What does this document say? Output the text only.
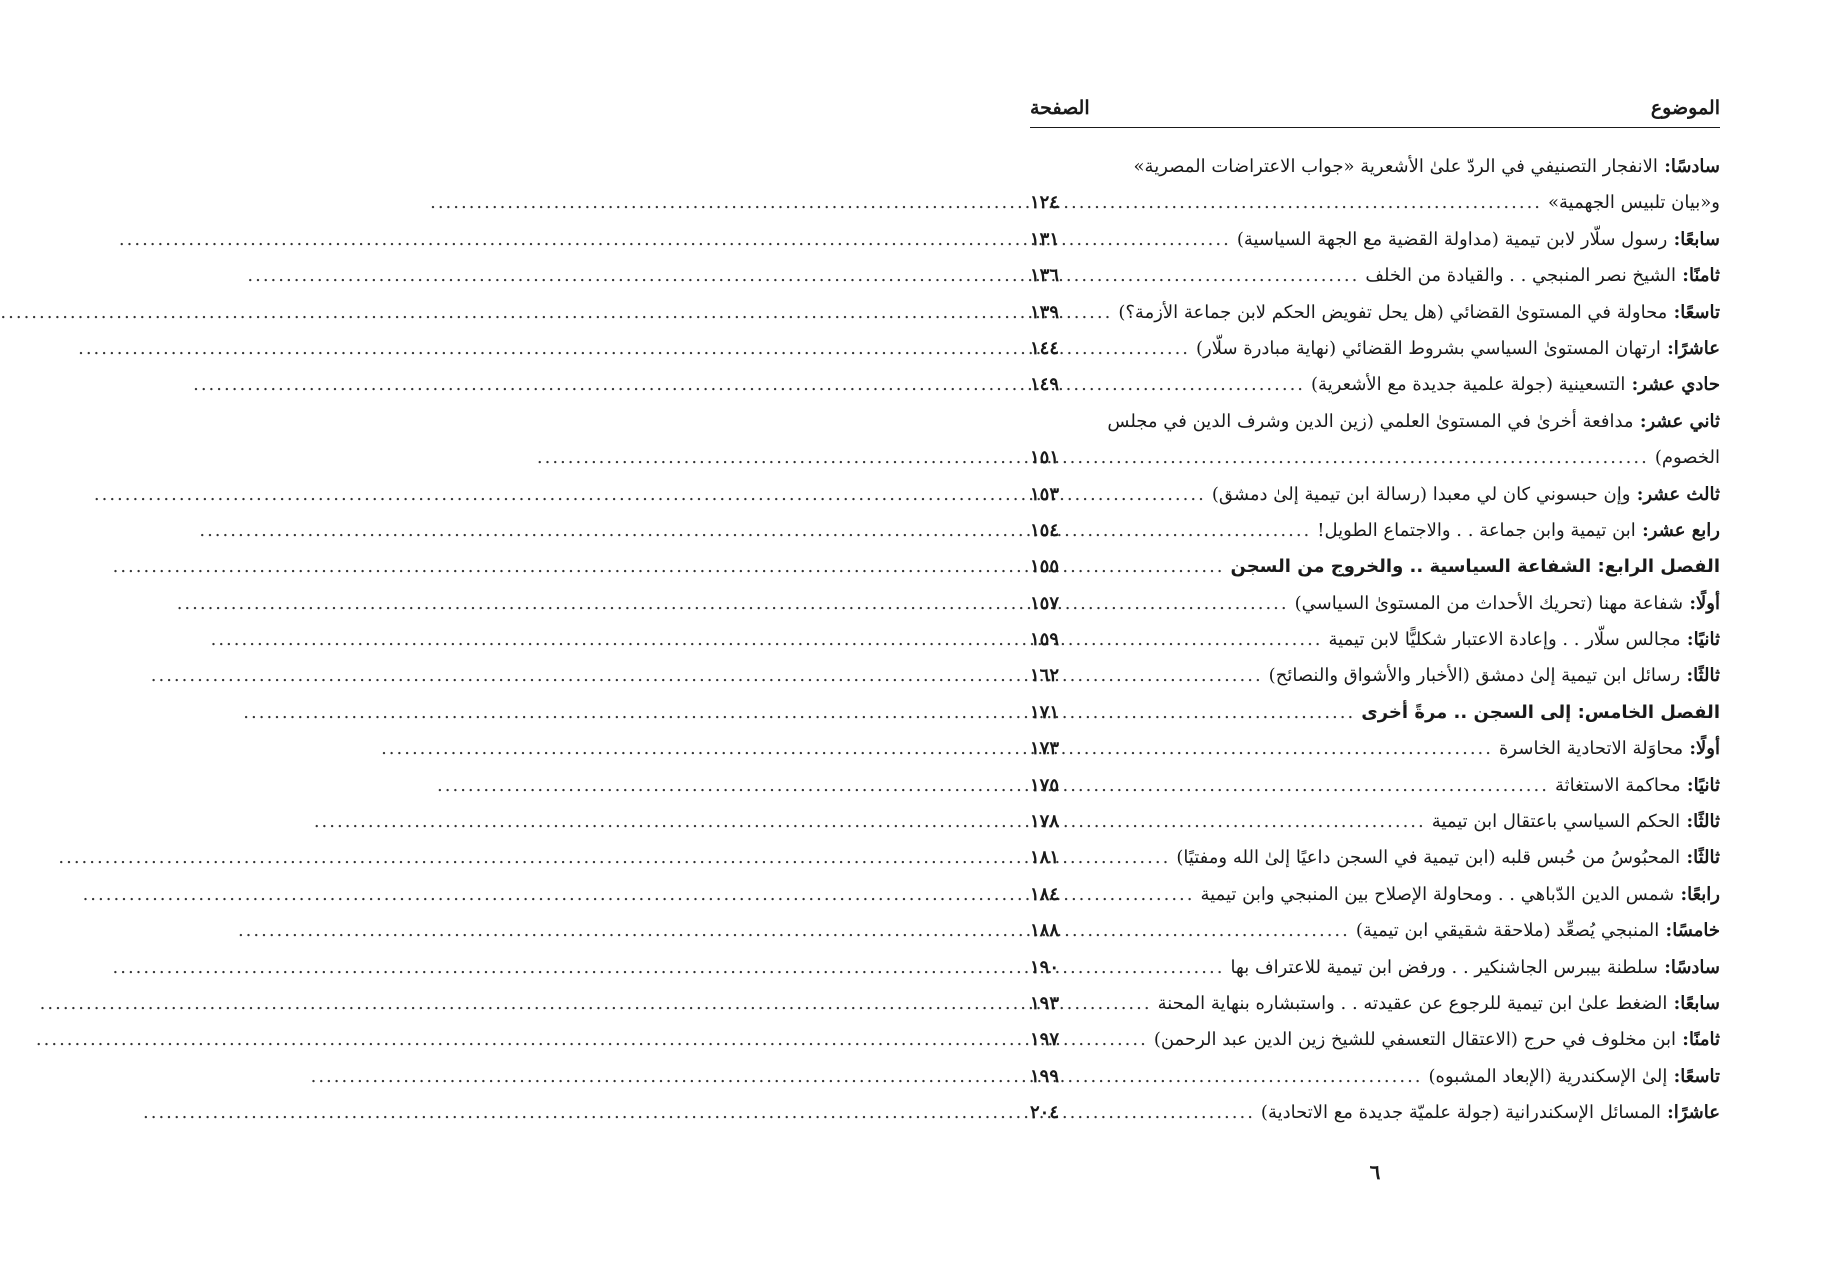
الموضوع
الصفحة
سادسًا: الانفجار التصنيفي في الردّ علىٰ الأشعرية «جواب الاعتراضات المصرية»
و«بيان تلبيس الجهمية»
.....
١٢٤
سابعًا: رسول سلّار لابن تيمية (مداولة القضية مع الجهة السياسية)
.....
١٣١
ثامنًا: الشيخ نصر المنبجي . . والقيادة من الخلف
.....
١٣٦
تاسعًا: محاولة في المستوىٰ القضائي (هل يحل تفويض الحكم لابن جماعة الأزمة؟)
.....
١٣٩
عاشرًا: ارتهان المستوىٰ السياسي بشروط القضائي (نهاية مبادرة سلّار)
.....
١٤٤
حادي عشر: التسعينية (جولة علمية جديدة مع الأشعرية)
.....
١٤٩
ثاني عشر: مدافعة أخرىٰ في المستوىٰ العلمي (زين الدين وشرف الدين في مجلس
الخصوم)
.....
١٥١
ثالث عشر: وإن حبسوني كان لي معبدا (رسالة ابن تيمية إلىٰ دمشق)
.....
١٥٣
رابع عشر: ابن تيمية وابن جماعة . . والاجتماع الطويل!
.....
١٥٤
الفصل الرابع: الشفاعة السياسية .. والخروج من السجن
.....
١٥٥
أولًا: شفاعة مهنا (تحريك الأحداث من المستوىٰ السياسي)
.....
١٥٧
ثانيًا: مجالس سلّار . . وإعادة الاعتبار شكليًّا لابن تيمية
.....
١٥٩
ثالثًا: رسائل ابن تيمية إلىٰ دمشق (الأخبار والأشواق والنصائح)
.....
١٦٢
الفصل الخامس: إلى السجن .. مرةً أخرى
.....
١٧١
أولًا: محاوَلة الاتحادية الخاسرة
.....
١٧٣
ثانيًا: محاكمة الاستغاثة
.....
١٧٥
ثالثًا: الحكم السياسي باعتقال ابن تيمية
.....
١٧٨
ثالثًا: المحبُوسُ من حُبس قلبه (ابن تيمية في السجن داعيًا إلىٰ الله ومفتيًا)
.....
١٨١
رابعًا: شمس الدين الدّباهي . . ومحاولة الإصلاح بين المنبجي وابن تيمية
.....
١٨٤
خامسًا: المنبجي يُصعِّد (ملاحقة شقيقي ابن تيمية)
.....
١٨٨
سادسًا: سلطنة بيبرس الجاشنكير . . ورفض ابن تيمية للاعتراف بها
.....
١٩٠
سابعًا: الضغط علىٰ ابن تيمية للرجوع عن عقيدته . . واستبشاره بنهاية المحنة
.....
١٩٣
ثامنًا: ابن مخلوف في حرج (الاعتقال التعسفي للشيخ زين الدين عبد الرحمن)
.....
١٩٧
تاسعًا: إلىٰ الإسكندرية (الإبعاد المشبوه)
.....
١٩٩
عاشرًا: المسائل الإسكندرانية (جولة علميّة جديدة مع الاتحادية)
.....
٢٠٤
٦
